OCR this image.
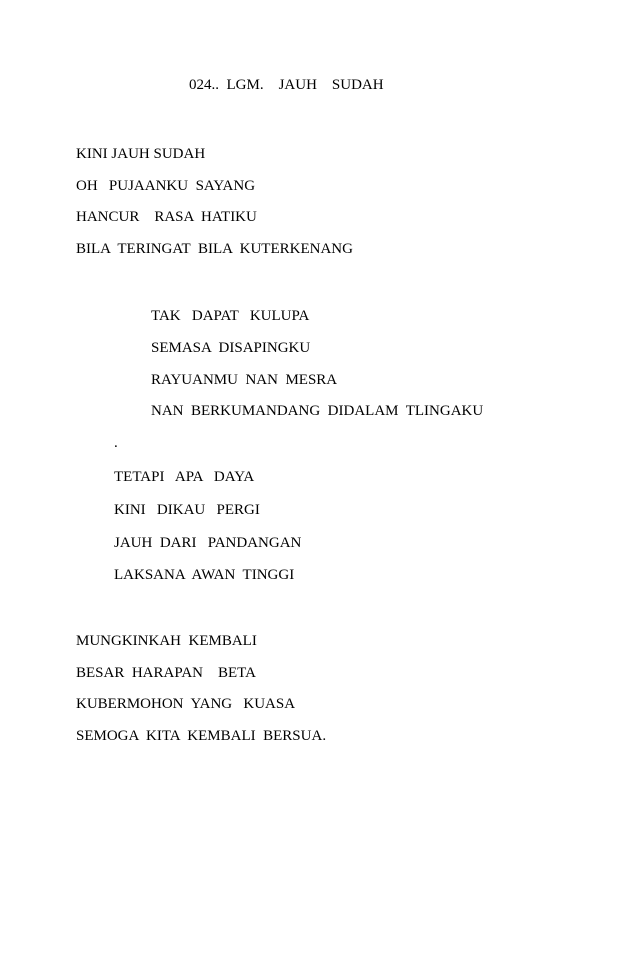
024..  LGM.    JAUH    SUDAH
KINI JAUH SUDAH
OH   PUJAANKU  SAYANG
HANCUR    RASA  HATIKU
BILA  TERINGAT  BILA  KUTERKENANG
TAK   DAPAT   KULUPA
SEMASA  DISAPINGKU
RAYUANMU  NAN  MESRA
NAN  BERKUMANDANG  DIDALAM  TLINGAKU
.
TETAPI   APA   DAYA
KINI   DIKAU   PERGI
JAUH  DARI   PANDANGAN
LAKSANA  AWAN  TINGGI
MUNGKINKAH  KEMBALI
BESAR  HARAPAN    BETA
KUBERMOHON  YANG   KUASA
SEMOGA  KITA  KEMBALI  BERSUA.
